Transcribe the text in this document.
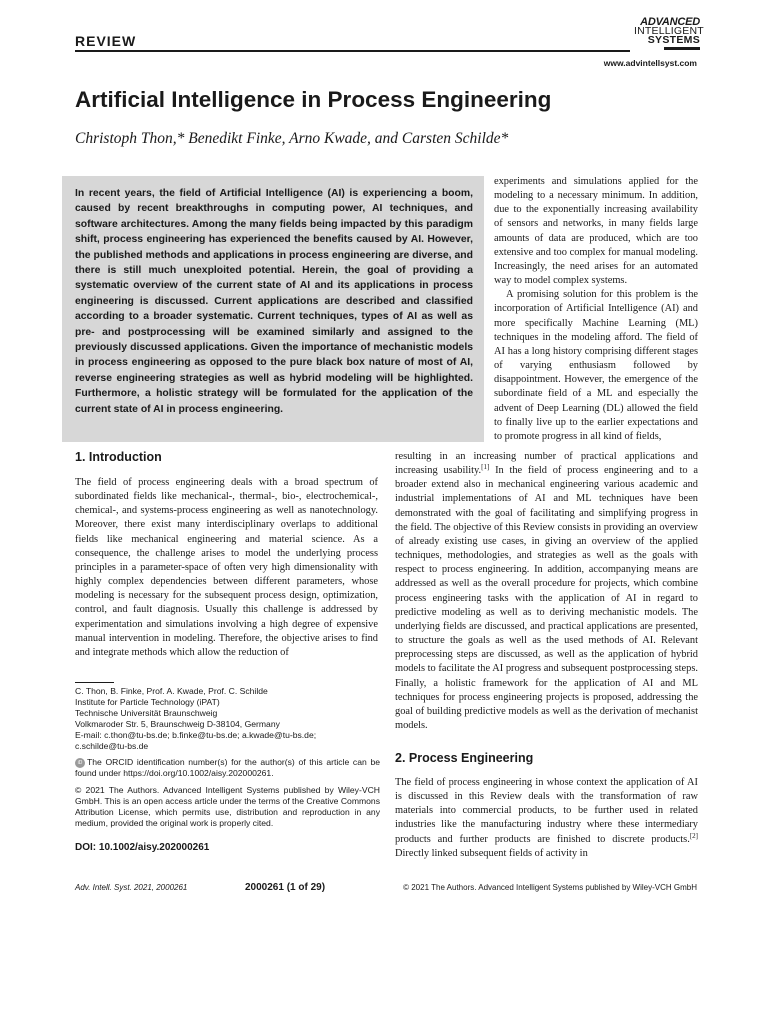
REVIEW
ADVANCED
INTELLIGENT
SYSTEMS
www.advintellsyst.com
Artificial Intelligence in Process Engineering
Christoph Thon,* Benedikt Finke, Arno Kwade, and Carsten Schilde*

In recent years, the field of Artificial Intelligence (AI) is experiencing a boom, caused by recent breakthroughs in computing power, AI techniques, and software architectures. Among the many fields being impacted by this paradigm shift, process engineering has experienced the benefits caused by AI. However, the published methods and applications in process engineering are diverse, and there is still much unexploited potential. Herein, the goal of providing a systematic overview of the current state of AI and its applications in process engineering is discussed. Current applications are described and classified according to a broader systematic. Current techniques, types of AI as well as pre- and postprocessing will be examined similarly and assigned to the previously discussed applications. Given the importance of mechanistic models in process engineering as opposed to the pure black box nature of most of AI, reverse engineering strategies as well as hybrid modeling will be highlighted. Furthermore, a holistic strategy will be formulated for the application of the current state of AI in process engineering.

experiments and simulations applied for the modeling to a necessary minimum. In addition, due to the exponentially increasing availability of sensors and networks, in many fields large amounts of data are produced, which are too extensive and too complex for manual modeling. Increasingly, the need arises for an automated way to model complex systems.

A promising solution for this problem is the incorporation of Artificial Intelligence (AI) and more specifically Machine Learning (ML) techniques in the modeling afford. The field of AI has a long history comprising different stages of varying enthusiasm followed by disappointment. However, the emergence of the subordinate field of a ML and especially the advent of Deep Learning (DL) allowed the field to finally live up to the earlier expectations and to promote progress in all kind of fields,

1. Introduction

The field of process engineering deals with a broad spectrum of subordinated fields like mechanical-, thermal-, bio-, electrochemical-, chemical-, and systems-process engineering as well as nanotechnology. Moreover, there exist many interdisciplinary overlaps to additional fields like mechanical engineering and material science. As a consequence, the challenge arises to model the underlying process principles in a parameter-space of often very high dimensionality with highly complex dependencies between different parameters, whose modeling is necessary for the subsequent process design, optimization, control, and fault diagnosis. Usually this challenge is addressed by experimentation and simulations involving a high degree of expensive manual intervention in modeling. Therefore, the objective arises to find and integrate methods which allow the reduction of

resulting in an increasing number of practical applications and increasing usability.[1] In the field of process engineering and to a broader extend also in mechanical engineering various academic and industrial implementations of AI and ML techniques have been demonstrated with the goal of facilitating and simplifying progress in the field. The objective of this Review consists in providing an overview of already existing use cases, in giving an overview of the applied techniques, methodologies, and strategies as well as the goals with respect to process engineering. In addition, accompanying means are addressed as well as the overall procedure for projects, which combine process engineering tasks with the application of AI in regard to predictive modeling as well as to deriving mechanistic models. The underlying fields are discussed, and practical applications are presented, to structure the goals as well as the used methods of AI. Relevant preprocessing steps are discussed, as well as the application of hybrid models to facilitate the AI progress and subsequent postprocessing steps. Finally, a holistic framework for the application of AI and ML techniques for process engineering projects is proposed, addressing the goal of building predictive models as well as the derivation of mechanist models.

2. Process Engineering

The field of process engineering in whose context the application of AI is discussed in this Review deals with the transformation of raw materials into commercial products, to be further used in related industries like the manufacturing industry where these intermediary products and further products are finished to discrete products.[2] Directly linked subsequent fields of activity in

C. Thon, B. Finke, Prof. A. Kwade, Prof. C. Schilde
Institute for Particle Technology (iPAT)
Technische Universität Braunschweig
Volkmaroder Str. 5, Braunschweig D-38104, Germany
E-mail: c.thon@tu-bs.de; b.finke@tu-bs.de; a.kwade@tu-bs.de;
c.schilde@tu-bs.de
iD The ORCID identification number(s) for the author(s) of this article can be found under https://doi.org/10.1002/aisy.202000261.
© 2021 The Authors. Advanced Intelligent Systems published by Wiley-VCH GmbH. This is an open access article under the terms of the Creative Commons Attribution License, which permits use, distribution and reproduction in any medium, provided the original work is properly cited.
DOI: 10.1002/aisy.202000261
Adv. Intell. Syst. 2021, 2000261	2000261 (1 of 29)	© 2021 The Authors. Advanced Intelligent Systems published by Wiley-VCH GmbH
